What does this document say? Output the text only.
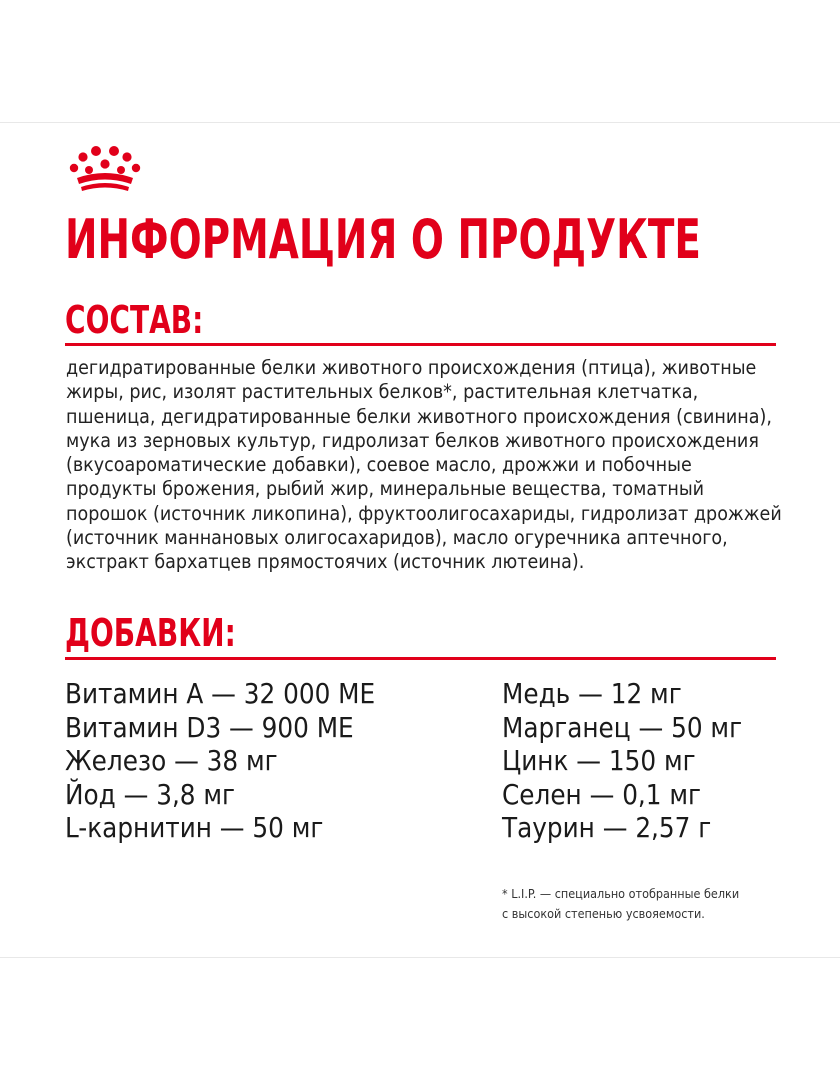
ИНФОРМАЦИЯ О ПРОДУКТЕ
СОСТАВ:

дегидратированные белки животного происхождения (птица), животные жиры, рис, изолят растительных белков*, растительная клетчатка, пшеница, дегидратированные белки животного происхождения (свинина), мука из зерновых культур, гидролизат белков животного происхождения (вкусоароматические добавки), соевое масло, дрожжи и побочные продукты брожения, рыбий жир, минеральные вещества, томатный порошок (источник ликопина), фруктоолигосахариды, гидролизат дрожжей (источник маннановых олигосахаридов), масло огуречника аптечного, экстракт бархатцев прямостоячих (источник лютеина).

ДОБАВКИ:
Витамин A — 32 000 МЕ
Витамин D3 — 900 МЕ
Железо — 38 мг
Йод — 3,8 мг
L-карнитин — 50 мг
Медь — 12 мг
Марганец — 50 мг
Цинк — 150 мг
Селен — 0,1 мг
Таурин — 2,57 г

* L.I.P. — специально отобранные белки
с высокой степенью усвояемости.
